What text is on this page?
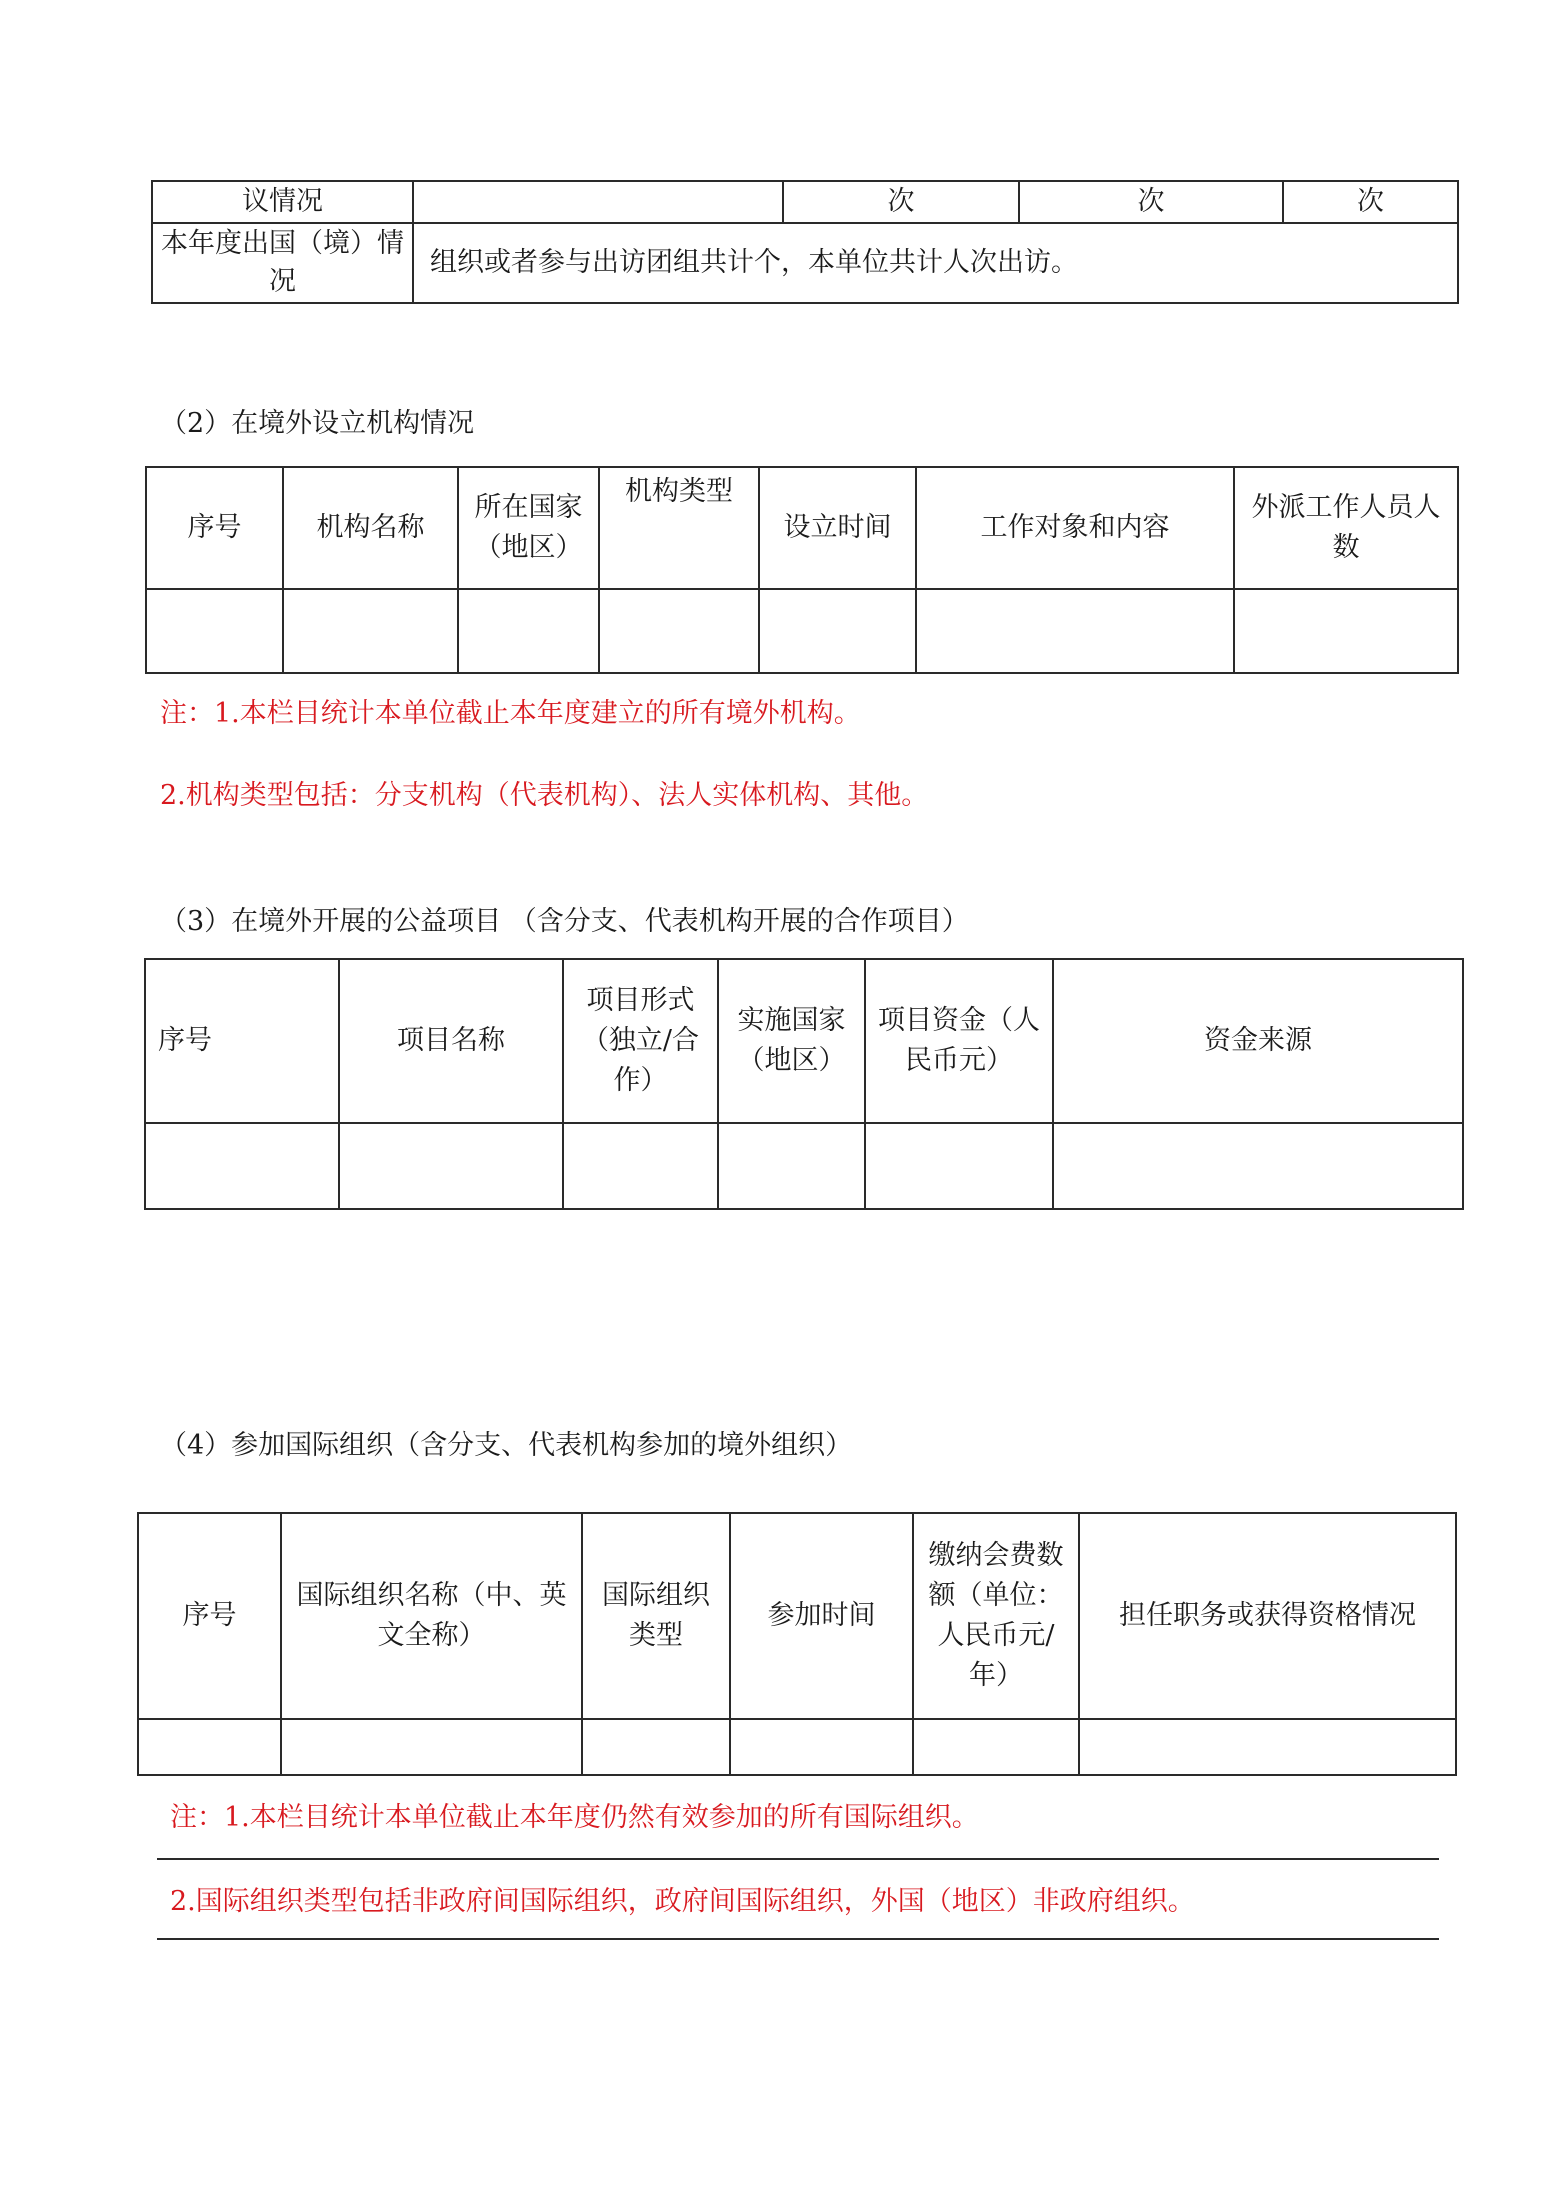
议情况		次	次	次
本年度出国（境）情况	组织或者参与出访团组共计个，本单位共计人次出访。			
（2）在境外设立机构情况
序号	机构名称	所在国家（地区）	机构类型	设立时间	工作对象和内容	外派工作人员人数

注：1.本栏目统计本单位截止本年度建立的所有境外机构。
2.机构类型包括：分支机构（代表机构）、法人实体机构、其他。
（3）在境外开展的公益项目 （含分支、代表机构开展的合作项目）
序号	项目名称	项目形式（独立/合作）	实施国家（地区）	项目资金（人民币元）	资金来源

（4）参加国际组织（含分支、代表机构参加的境外组织）
序号	国际组织名称（中、英文全称）	国际组织类型	参加时间	缴纳会费数额（单位：人民币元/年）	担任职务或获得资格情况

注：1.本栏目统计本单位截止本年度仍然有效参加的所有国际组织。
2.国际组织类型包括非政府间国际组织，政府间国际组织，外国（地区）非政府组织。
